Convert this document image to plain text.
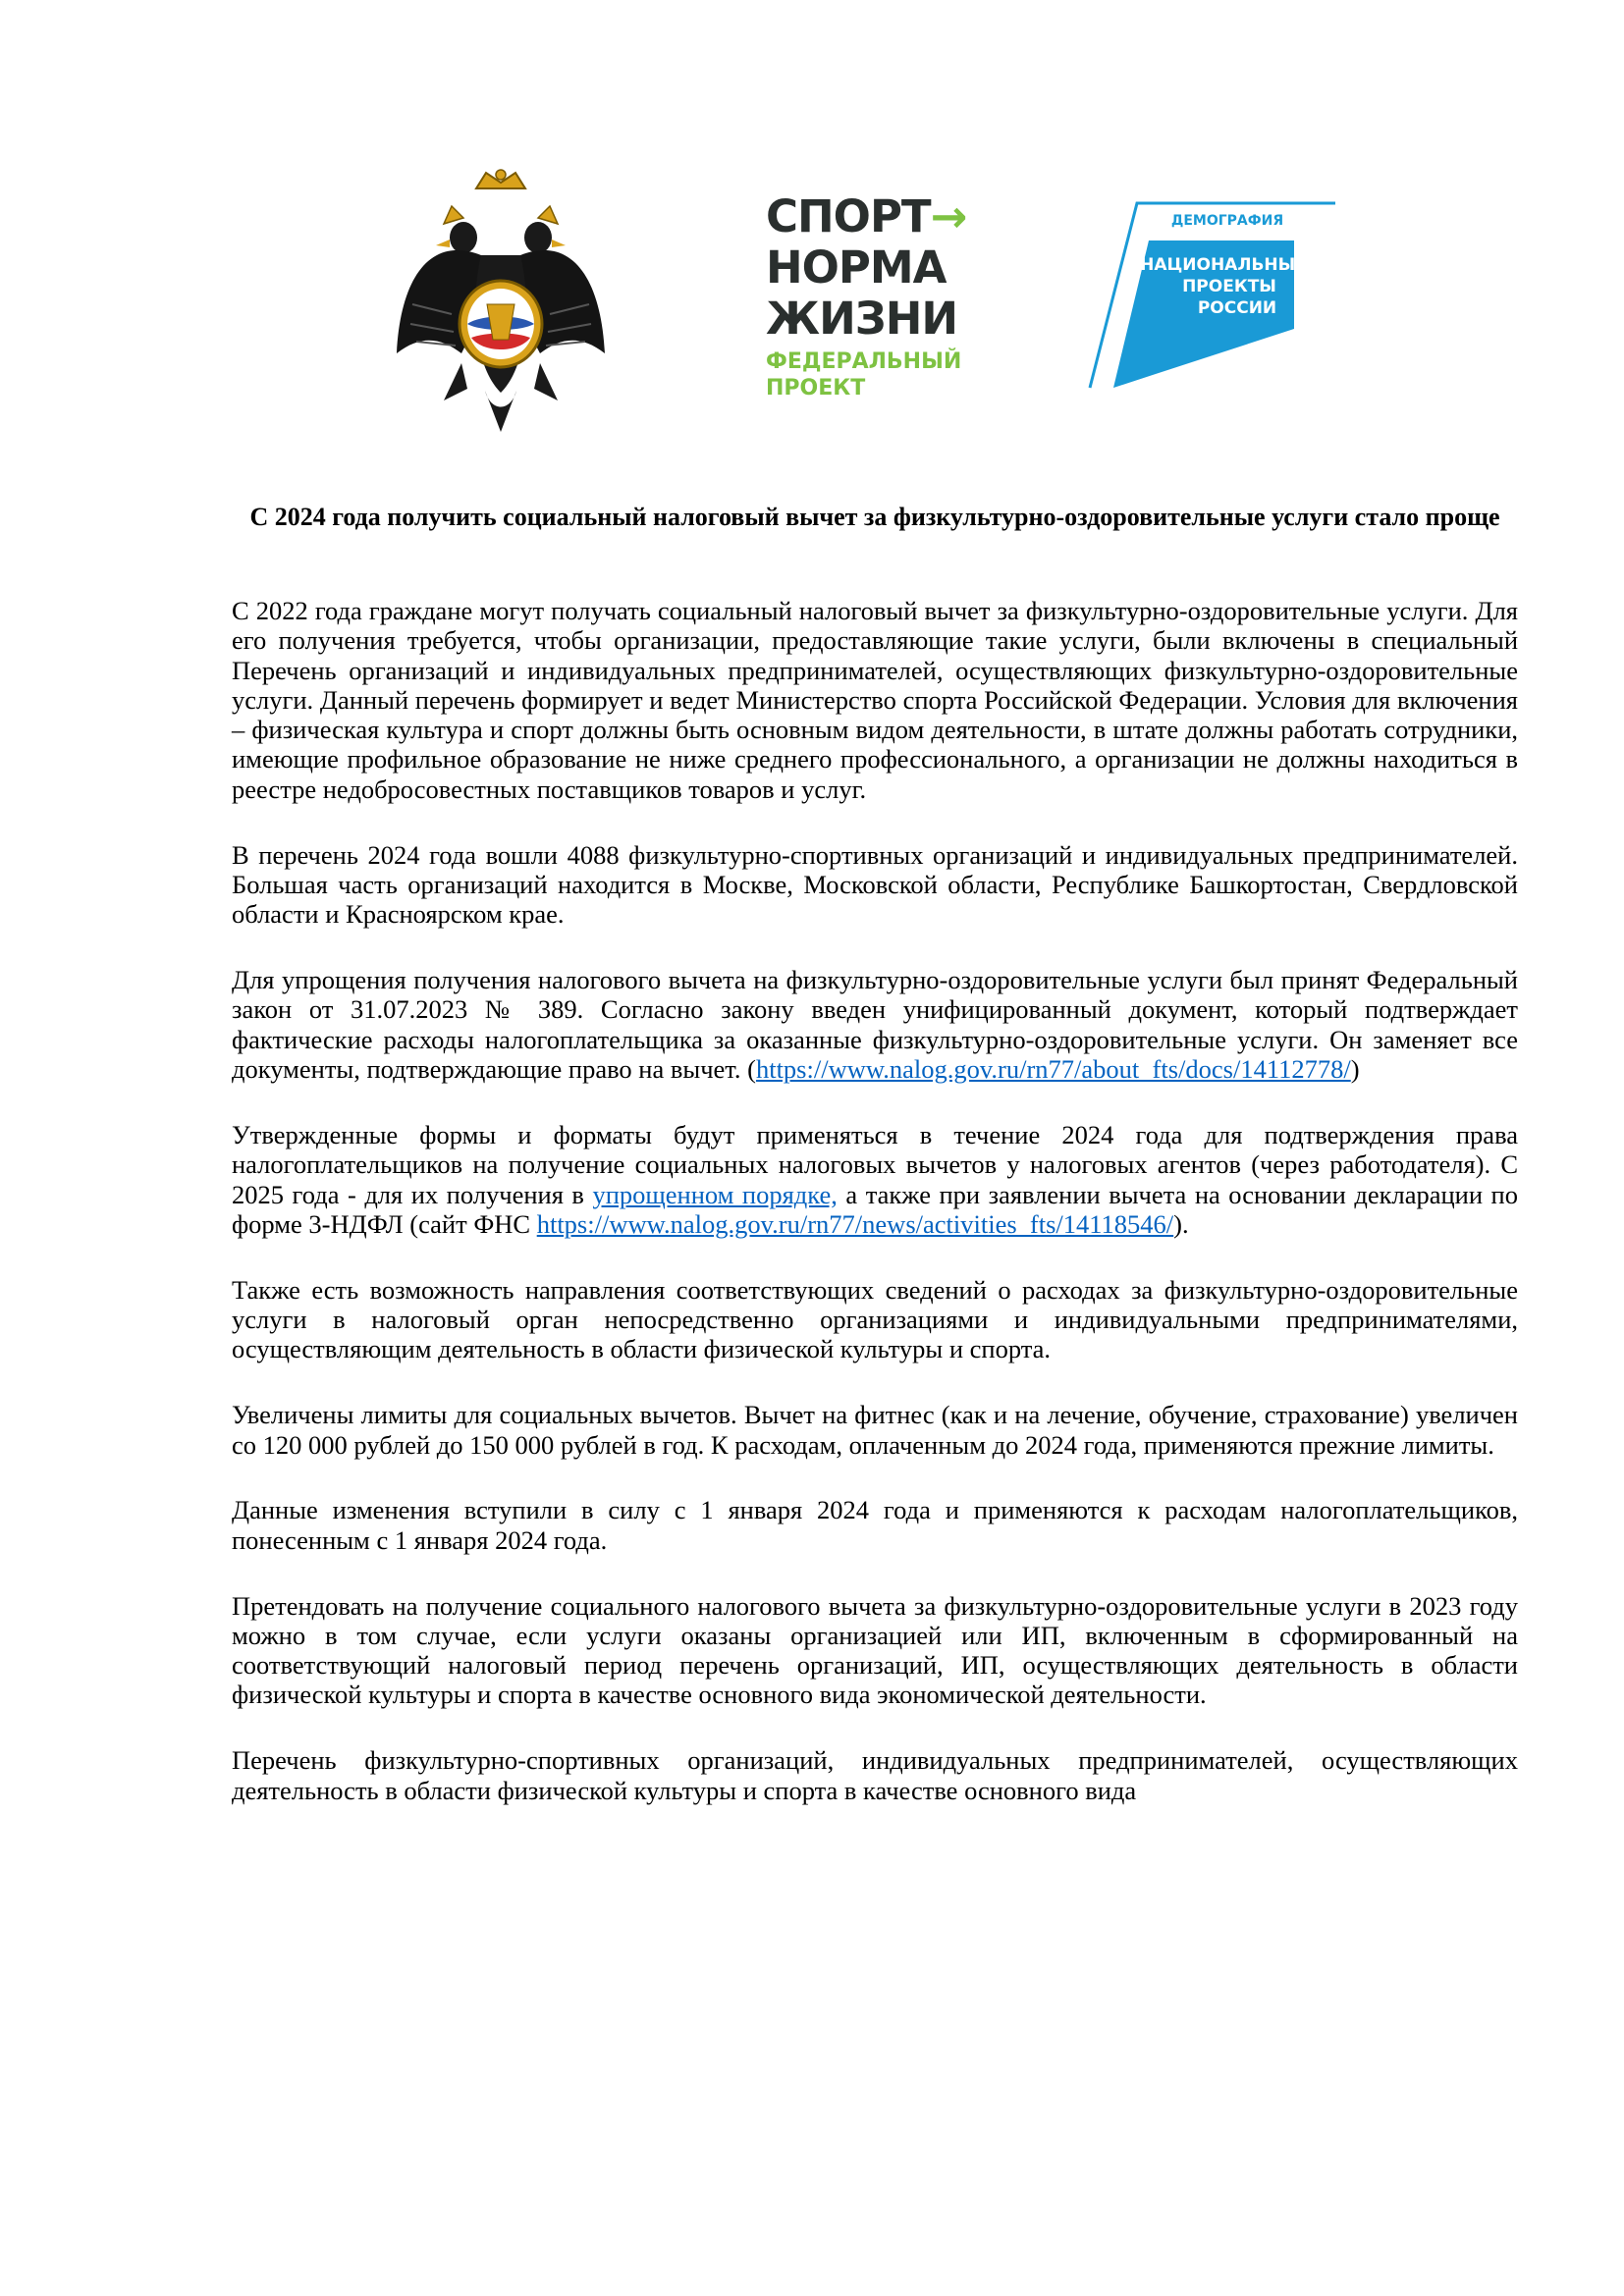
СПОРТ→
НОРМА
ЖИЗНИ
ФЕДЕРАЛЬНЫЙ
ПРОЕКТ
ДЕМОГРАФИЯ
НАЦИОНАЛЬНЫЕ
ПРОЕКТЫ
РОССИИ
С 2024 года получить социальный налоговый вычет за физкультурно-оздоровительные услуги стало проще

С 2022 года граждане могут получать социальный налоговый вычет за физкультурно-оздоровительные услуги. Для его получения требуется, чтобы организации, предоставляющие такие услуги, были включены в специальный Перечень организаций и индивидуальных предпринимателей, осуществляющих физкультурно-оздоровительные услуги. Данный перечень формирует и ведет Министерство спорта Российской Федерации. Условия для включения – физическая культура и спорт должны быть основным видом деятельности, в штате должны работать сотрудники, имеющие профильное образование не ниже среднего профессионального, а организации не должны находиться в реестре недобросовестных поставщиков товаров и услуг.

В перечень 2024 года вошли 4088 физкультурно-спортивных организаций и индивидуальных предпринимателей. Большая часть организаций находится в Москве, Московской области, Республике Башкортостан, Свердловской области и Красноярском крае.

Для упрощения получения налогового вычета на физкультурно-оздоровительные услуги был принят Федеральный закон от 31.07.2023 № 389. Согласно закону введен унифицированный документ, который подтверждает фактические расходы налогоплательщика за оказанные физкультурно-оздоровительные услуги. Он заменяет все документы, подтверждающие право на вычет. (https://www.nalog.gov.ru/rn77/about_fts/docs/14112778/)

Утвержденные формы и форматы будут применяться в течение 2024 года для подтверждения права налогоплательщиков на получение социальных налоговых вычетов у налоговых агентов (через работодателя). С 2025 года - для их получения в упрощенном порядке, а также при заявлении вычета на основании декларации по форме 3-НДФЛ (сайт ФНС https://www.nalog.gov.ru/rn77/news/activities_fts/14118546/).

Также есть возможность направления соответствующих сведений о расходах за физкультурно-оздоровительные услуги в налоговый орган непосредственно организациями и индивидуальными предпринимателями, осуществляющим деятельность в области физической культуры и спорта.

Увеличены лимиты для социальных вычетов. Вычет на фитнес (как и на лечение, обучение, страхование) увеличен со 120 000 рублей до 150 000 рублей в год. К расходам, оплаченным до 2024 года, применяются прежние лимиты.

Данные изменения вступили в силу с 1 января 2024 года и применяются к расходам налогоплательщиков, понесенным с 1 января 2024 года.

Претендовать на получение социального налогового вычета за физкультурно-оздоровительные услуги в 2023 году можно в том случае, если услуги оказаны организацией или ИП, включенным в сформированный на соответствующий налоговый период перечень организаций, ИП, осуществляющих деятельность в области физической культуры и спорта в качестве основного вида экономической деятельности.

Перечень физкультурно-спортивных организаций, индивидуальных предпринимателей, осуществляющих деятельность в области физической культуры и спорта в качестве основного вида
